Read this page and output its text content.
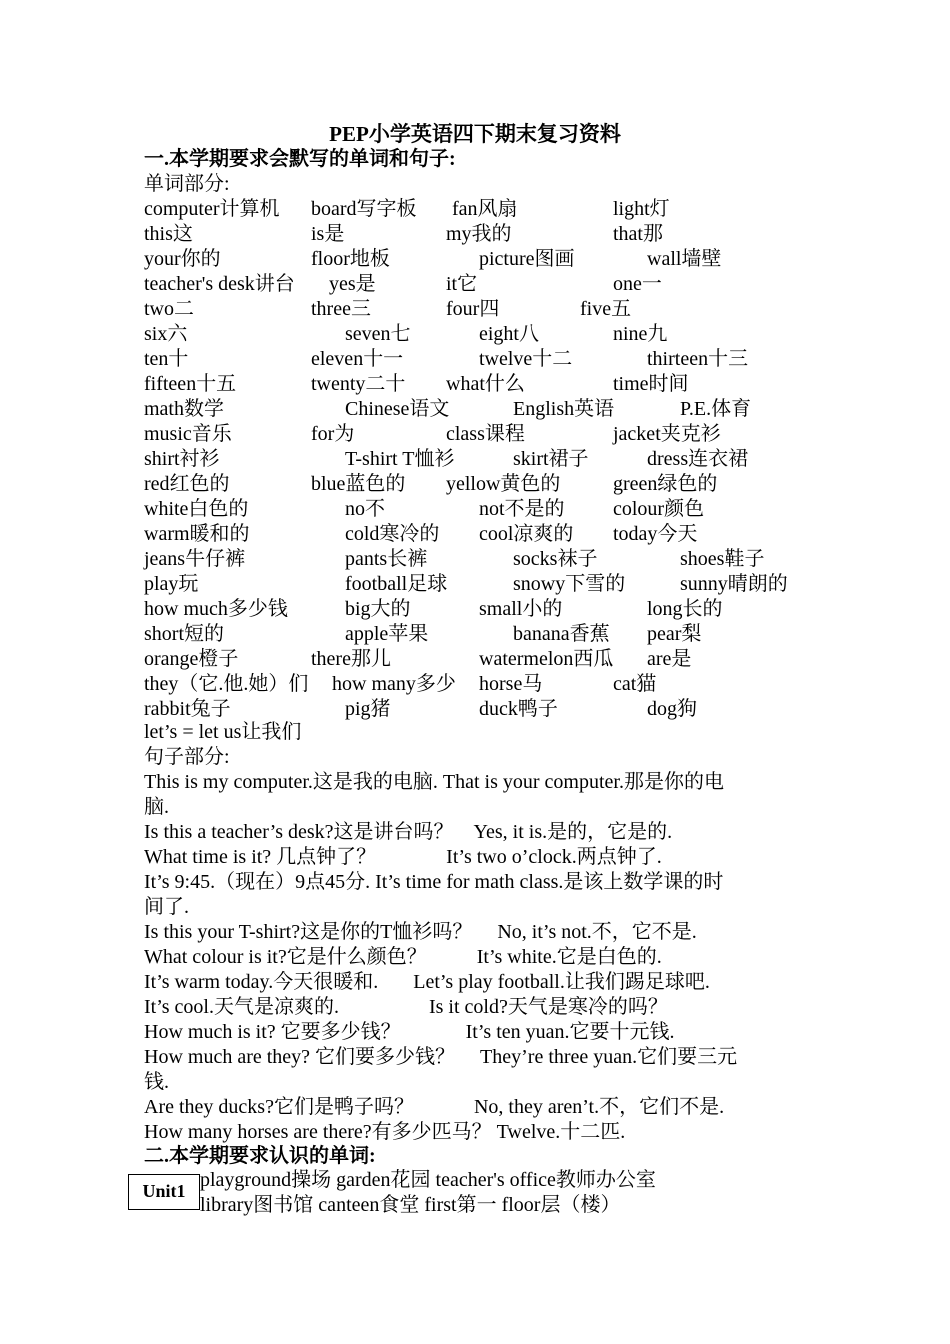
PEP小学英语四下期末复习资料
一.本学期要求会默写的单词和句子:
单词部分:
computer计算机 board写字板 fan风扇	light灯
this这	is是	my我的	that那
your你的	floor地板	picture图画	wall墙壁
teacher's desk讲台 yes是	it它	one一
two二	three三	four四	five五
six六	seven七	eight八	nine九
ten十	eleven十一	twelve十二	thirteen十三
fifteen十五	twenty二十 what什么	time时间
math数学	Chinese语文	English英语	P.E.体育
music音乐	for为	class课程	jacket夹克衫
shirt衬衫	T-shirt T恤衫	skirt裙子	dress连衣裙
red红色的	blue蓝色的 yellow黄色的	green绿色的
white白色的	no不	not不是的 colour颜色
warm暖和的	cold寒冷的 cool凉爽的 today今天
jeans牛仔裤	pants长裤	socks袜子	shoes鞋子
play玩	football足球	snowy下雪的	sunny晴朗的
how much多少钱	big大的	small小的	long长的
short短的	apple苹果	banana香蕉 pear梨
orange橙子	there那儿	watermelon西瓜 are是
they（它.他.她）们 how many多少 horse马	cat猫
rabbit兔子	pig猪	duck鸭子	dog狗
let’s = let us让我们
句子部分:
This is my computer.这是我的电脑. That is your computer.那是你的电
脑.
Is this a teacher’s desk?这是讲台吗？    Yes, it is.是的，它是的.
What time is it? 几点钟了？              It’s two o’clock.两点钟了.
It’s 9:45.（现在）9点45分. It’s time for math class.是该上数学课的时
间了.
Is this your T-shirt?这是你的T恤衫吗？     No, it’s not.不，它不是.
What colour is it?它是什么颜色？          It’s white.它是白色的.
It’s warm today.今天很暖和.       Let’s play football.让我们踢足球吧.
It’s cool.天气是凉爽的.                  Is it cold?天气是寒冷的吗？
How much is it? 它要多少钱？             It’s ten yuan.它要十元钱.
How much are they? 它们要多少钱？     They’re three yuan.它们要三元
钱.
Are they ducks?它们是鸭子吗？            No, they aren’t.不，它们不是.
How many horses are there?有多少匹马？ Twelve.十二匹.
二.本学期要求认识的单词:
playground操场 garden花园 teacher's office教师办公室
library图书馆 canteen食堂 first第一 floor层（楼）
Unit1
